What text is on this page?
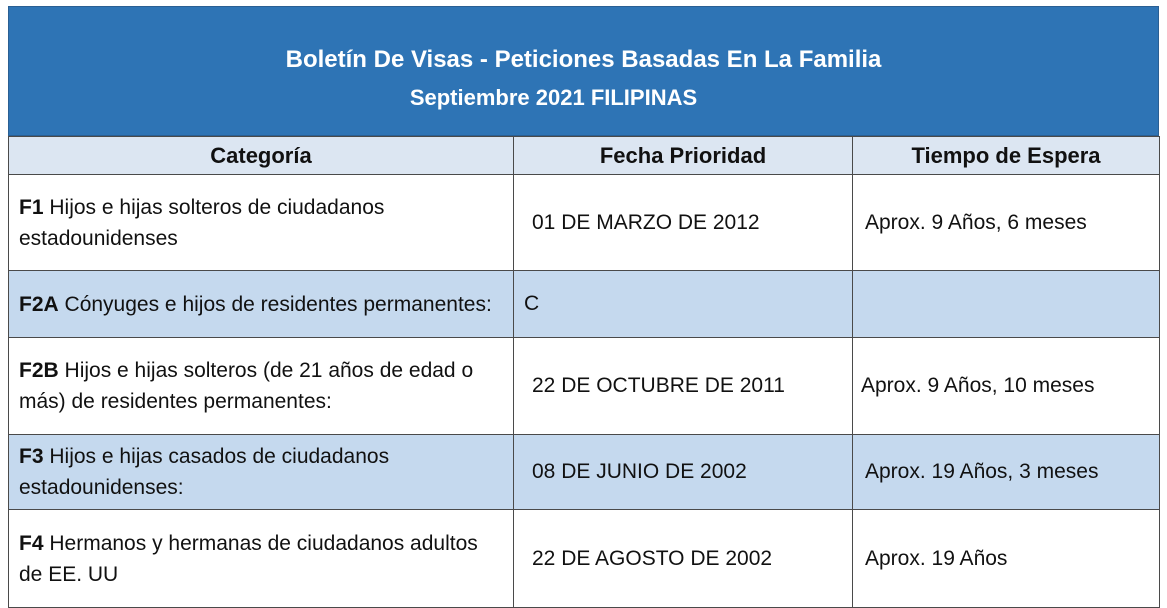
Boletín De Visas - Peticiones Basadas En La Familia
Septiembre 2021 FILIPINAS
Categoría	Fecha Prioridad	Tiempo de Espera
F1 Hijos e hijas solteros de ciudadanos estadounidenses	01 DE MARZO DE 2012	Aprox. 9 Años, 6 meses
F2A Cónyuges e hijos de residentes permanentes:	C	
F2B Hijos e hijas solteros (de 21 años de edad o más) de residentes permanentes:	22 DE OCTUBRE DE 2011	Aprox. 9 Años, 10 meses
F3 Hijos e hijas casados de ciudadanos estadounidenses:	08 DE JUNIO DE 2002	Aprox. 19 Años, 3 meses
F4 Hermanos y hermanas de ciudadanos adultos de EE. UU	22 DE AGOSTO DE 2002	Aprox. 19 Años
